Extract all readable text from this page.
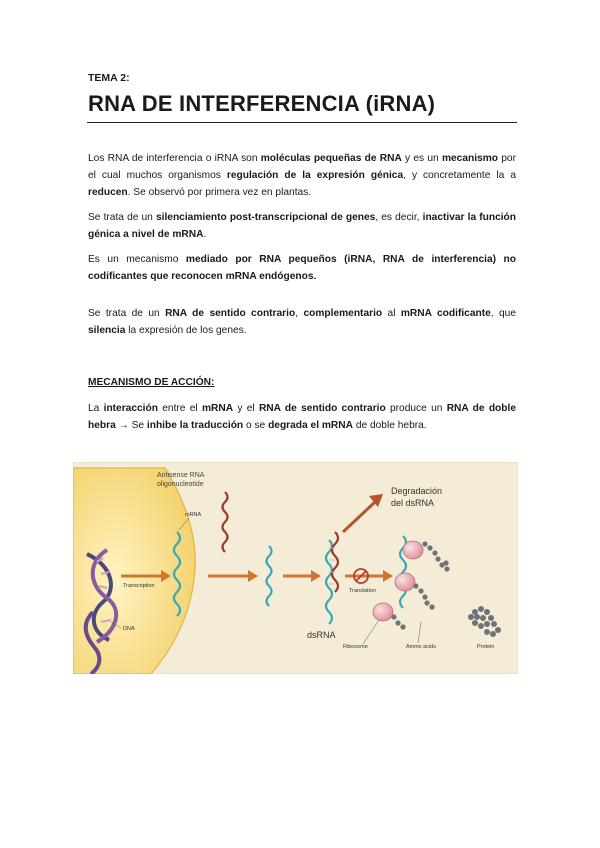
TEMA 2:
RNA DE INTERFERENCIA (iRNA)
Los RNA de interferencia o iRNA son moléculas pequeñas de RNA y es un mecanismo por el cual muchos organismos regulación de la expresión génica, y concretamente la a reducen. Se observó por primera vez en plantas.
Se trata de un silenciamiento post-transcripcional de genes, es decir, inactivar la función génica a nivel de mRNA.
Es un mecanismo mediado por RNA pequeños (iRNA, RNA de interferencia) no codificantes que reconocen mRNA endógenos.
Se trata de un RNA de sentido contrario, complementario al mRNA codificante, que silencia la expresión de los genes.
MECANISMO DE ACCIÓN:
La interacción entre el mRNA y el RNA de sentido contrario produce un RNA de doble hebra → Se inhibe la traducción o se degrada el mRNA de doble hebra.
DNA
Transcription
mRNA
Antisense RNA
oligonucleotide
dsRNA
Degradación
del dsRNA
Translation
Ribosome	Amino acids	Protein
